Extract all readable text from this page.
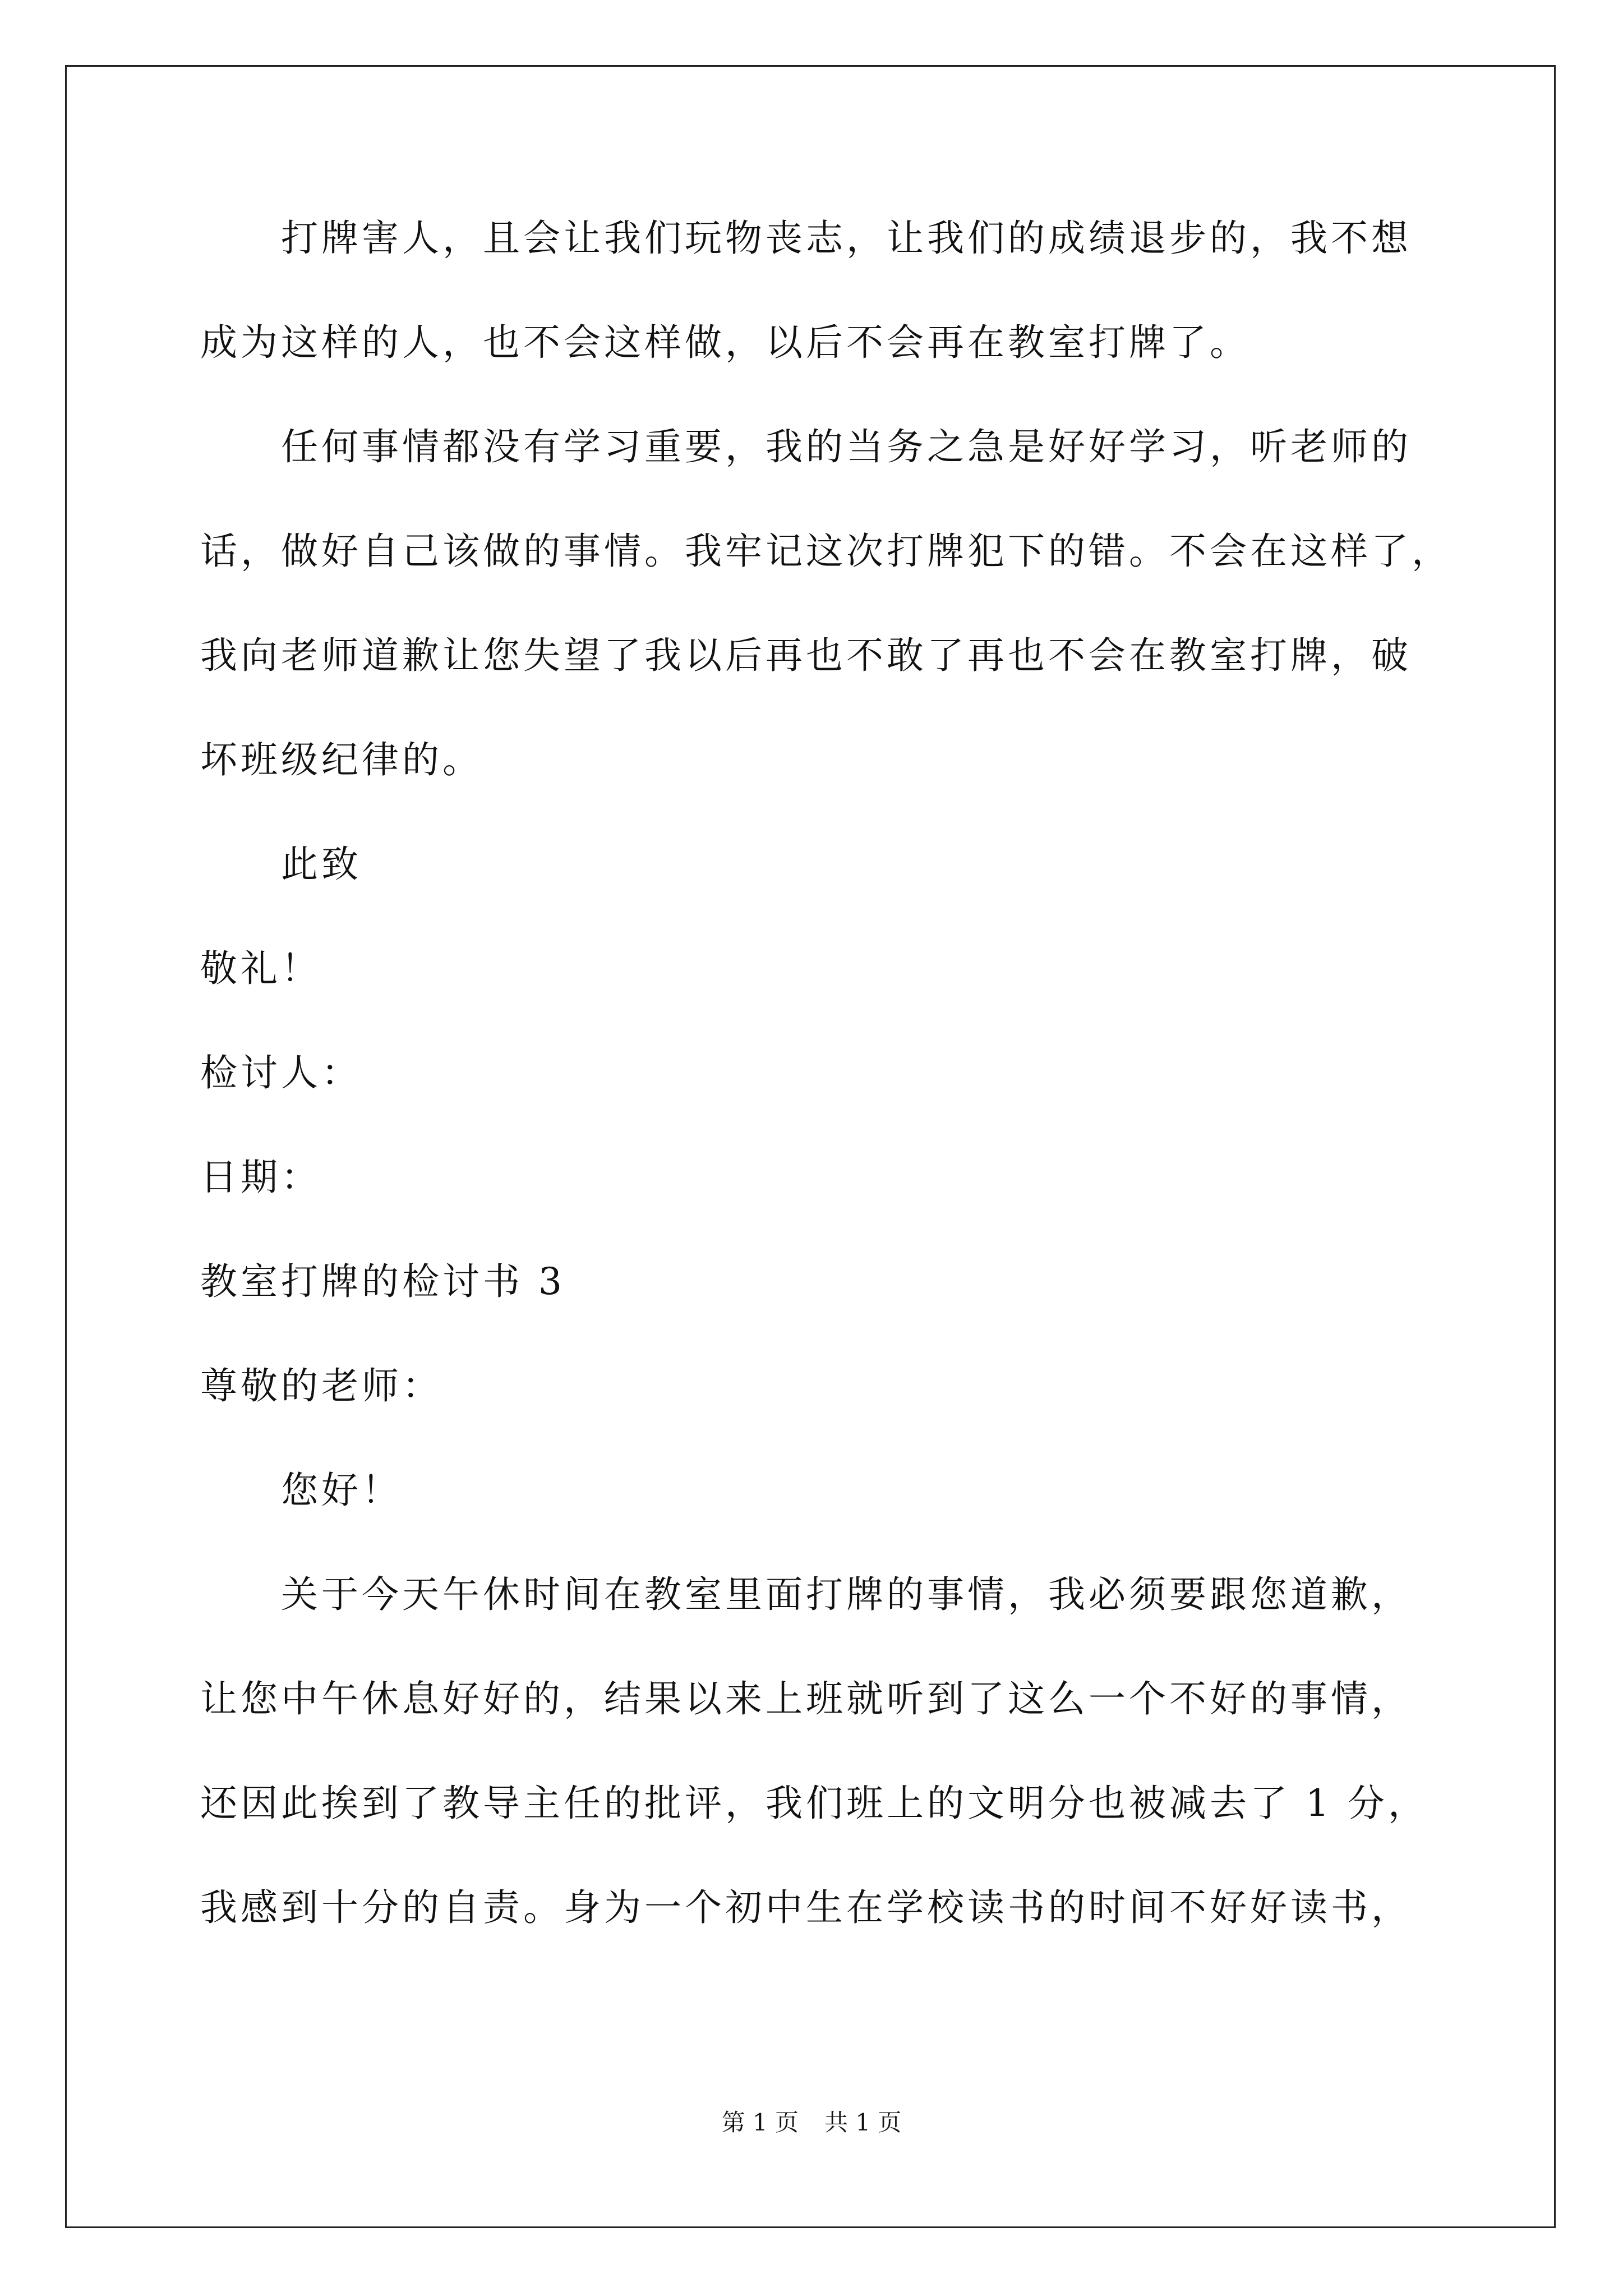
打牌害人，且会让我们玩物丧志，让我们的成绩退步的，我不想
成为这样的人，也不会这样做，以后不会再在教室打牌了。
任何事情都没有学习重要，我的当务之急是好好学习，听老师的
话，做好自己该做的事情。我牢记这次打牌犯下的错。不会在这样了，
我向老师道歉让您失望了我以后再也不敢了再也不会在教室打牌，破
坏班级纪律的。
此致
敬礼！
检讨人：
日期：
教室打牌的检讨书 3
尊敬的老师：
您好！
关于今天午休时间在教室里面打牌的事情，我必须要跟您道歉，
让您中午休息好好的，结果以来上班就听到了这么一个不好的事情，
还因此挨到了教导主任的批评，我们班上的文明分也被减去了 1 分，
我感到十分的自责。身为一个初中生在学校读书的时间不好好读书，
第 1 页 共 1 页
